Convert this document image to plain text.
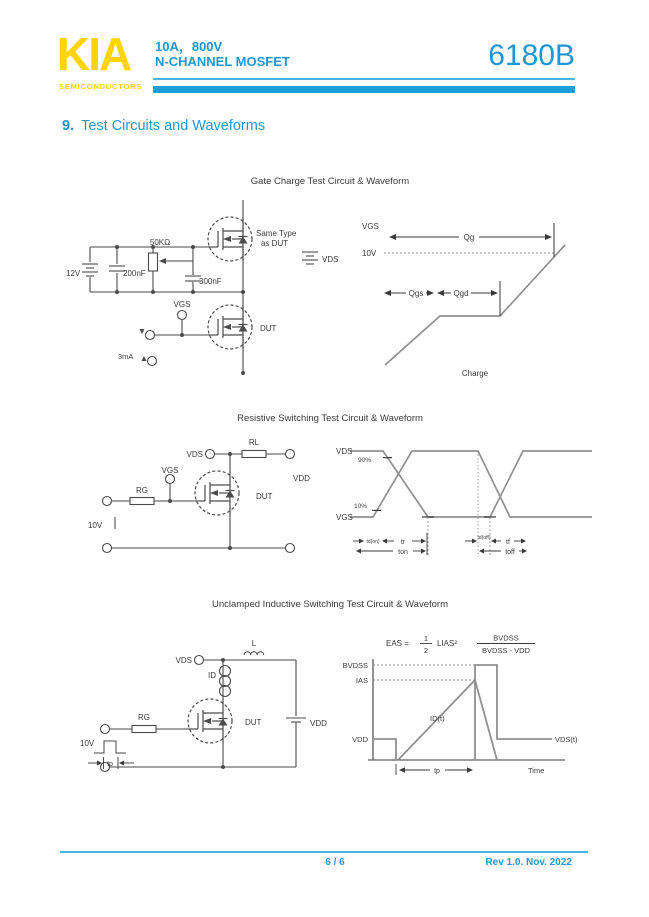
KIA
SEMICONDUCTORS
10A，800V
N-CHANNEL MOSFET	6180B
9. Test Circuits and Waveforms
Gate Charge Test Circuit & Waveform
12V	200nF
50KΩ
300nF
Same Type
as DUT
VDS
VGS
DUT
3mA
VGS
10V
Qg
Qgs	Qgd
Charge
Resistive Switching Test Circuit & Waveform
VDS
RL
VDD
VGS
RG
DUT
10V
VDS
VGS
90%
10%
td(on)	tr
ton
td(off)
tf
toff
Unclamped Inductive Switching Test Circuit & Waveform
VDS
ID
L
RG
10V
tp
DUT	VDD
EAS =
1
2
LIAS²
BVDSS
BVDSS - VDD
BVDSS
IAS
VDD
ID(t)
VDS(t)
tp	Time
6 / 6	Rev 1.0. Nov. 2022
